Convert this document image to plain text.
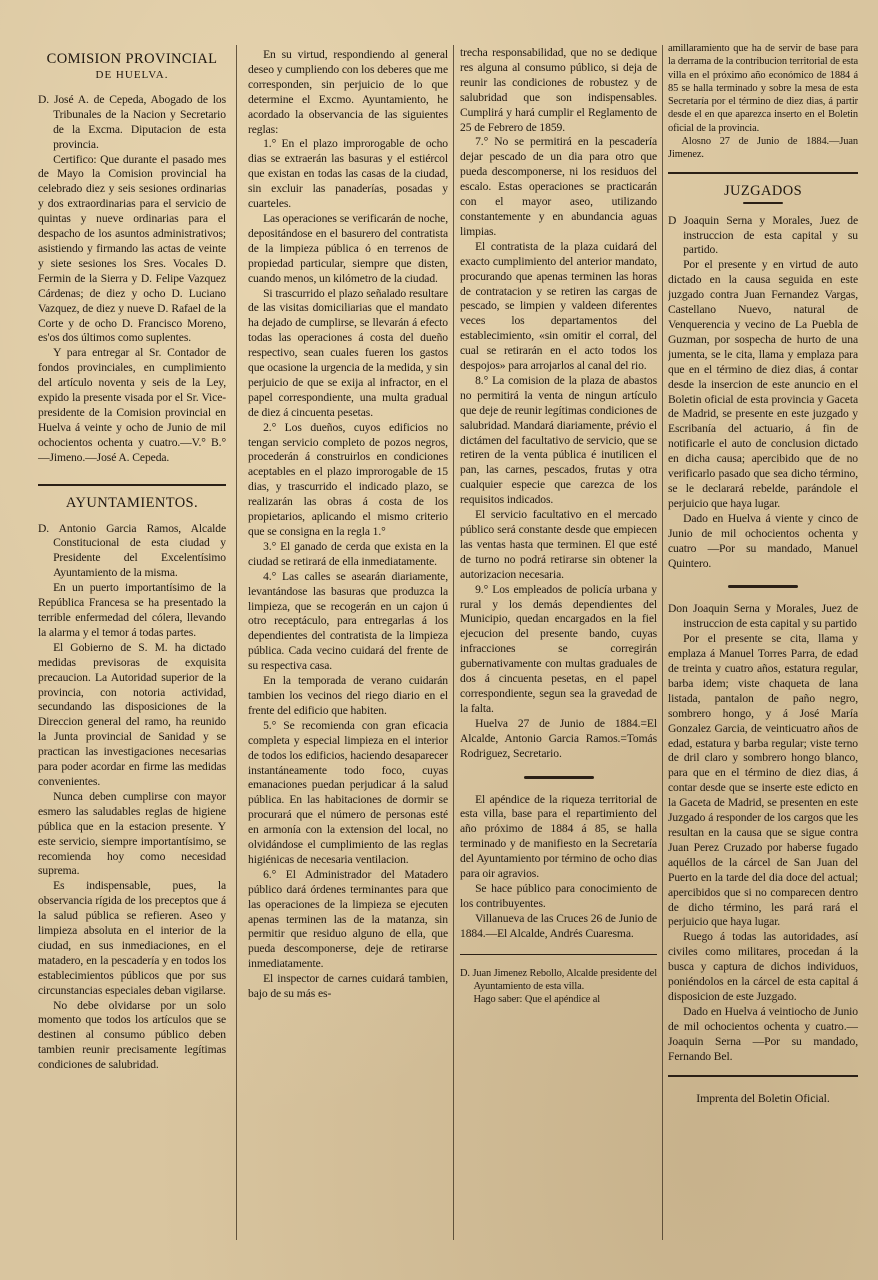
COMISION PROVINCIAL
DE HUELVA.

D. José A. de Cepeda, Abogado de los Tribunales de la Nacion y Secretario de la Excma. Diputacion de esta provincia.

Certifico: Que durante el pasado mes de Mayo la Comision provincial ha celebrado diez y seis sesiones ordinarias y dos extraordinarias para el servicio de quintas y nueve ordinarias para el despacho de los asuntos administrativos; asistiendo y firmando las actas de veinte y siete sesiones los Sres. Vocales D. Fermin de la Sierra y D. Felipe Vazquez Cárdenas; de diez y ocho D. Luciano Vazquez, de diez y nueve D. Rafael de la Corte y de ocho D. Francisco Moreno, es'os dos últimos como suplentes.

Y para entregar al Sr. Contador de fondos provinciales, en cumplimiento del artículo noventa y seis de la Ley, expido la presente visada por el Sr. Vice-presidente de la Comision provincial en Huelva á veinte y ocho de Junio de mil ochocientos ochenta y cuatro.—V.° B.°—Jimeno.—José A. Cepeda.

AYUNTAMIENTOS.

D. Antonio Garcia Ramos, Alcalde Constitucional de esta ciudad y Presidente del Excelentísimo Ayuntamiento de la misma.

En un puerto importantísimo de la República Francesa se ha presentado la terrible enfermedad del cólera, llevando la alarma y el temor á todas partes.

El Gobierno de S. M. ha dictado medidas previsoras de exquisita precaucion. La Autoridad superior de la provincia, con notoria actividad, secundando las disposiciones de la Direccion general del ramo, ha reunido la Junta provincial de Sanidad y se practican las investigaciones necesarias para poder acordar en firme las medidas convenientes.

Nunca deben cumplirse con mayor esmero las saludables reglas de higiene pública que en la estacion presente. Y este servicio, siempre importantísimo, se recomienda hoy como necesidad suprema.

Es indispensable, pues, la observancia rígida de los preceptos que á la salud pública se refieren. Aseo y limpieza absoluta en el interior de la ciudad, en sus inmediaciones, en el matadero, en la pescadería y en todos los establecimientos públicos que por sus circunstancias especiales deban vigilarse.

No debe olvidarse por un solo momento que todos los artículos que se destinen al consumo público deben tambien reunir precisamente legítimas condiciones de salubridad.

En su virtud, respondiendo al general deseo y cumpliendo con los deberes que me corresponden, sin perjuicio de lo que determine el Excmo. Ayuntamiento, he acordado la observancia de las siguientes reglas:

1.° En el plazo improrogable de ocho dias se extraerán las basuras y el estiércol que existan en todas las casas de la ciudad, sin excluir las panaderías, posadas y cuarteles.

Las operaciones se verificarán de noche, depositándose en el basurero del contratista de la limpieza pública ó en terrenos de propiedad particular, siempre que disten, cuando menos, un kilómetro de la ciudad.

Si trascurrido el plazo señalado resultare de las visitas domiciliarias que el mandato ha dejado de cumplirse, se llevarán á efecto todas las operaciones á costa del dueño respectivo, sean cuales fueren los gastos que ocasione la urgencia de la medida, y sin perjuicio de que se exija al infractor, en el papel correspondiente, una multa gradual de diez á cincuenta pesetas.

2.° Los dueños, cuyos edificios no tengan servicio completo de pozos negros, procederán á construirlos en condiciones aceptables en el plazo improrogable de 15 dias, y trascurrido el indicado plazo, se realizarán las obras á costa de los propietarios, aplicando el mismo criterio que se consigna en la regla 1.°

3.° El ganado de cerda que exista en la ciudad se retirará de ella inmediatamente.

4.° Las calles se asearán diariamente, levantándose las basuras que produzca la limpieza, que se recogerán en un cajon ú otro receptáculo, para entregarlas á los dependientes del contratista de la limpieza pública. Cada vecino cuidará del frente de su respectiva casa.

En la temporada de verano cuidarán tambien los vecinos del riego diario en el frente del edificio que habiten.

5.° Se recomienda con gran eficacia completa y especial limpieza en el interior de todos los edificios, haciendo desaparecer instantáneamente todo foco, cuyas emanaciones puedan perjudicar á la salud pública. En las habitaciones de dormir se procurará que el número de personas esté en armonía con la extension del local, no olvidándose el cumplimiento de las reglas higiénicas de necesaria ventilacion.

6.° El Administrador del Matadero público dará órdenes terminantes para que las operaciones de la limpieza se ejecuten apenas terminen las de la matanza, sin permitir que residuo alguno de ella, que pueda descomponerse, deje de retirarse inmediatamente.

El inspector de carnes cuidará tambien, bajo de su más es-

trecha responsabilidad, que no se dedique res alguna al consumo público, si deja de reunir las condiciones de robustez y de salubridad que son indispensables. Cumplirá y hará cumplir el Reglamento de 25 de Febrero de 1859.

7.° No se permitirá en la pescadería dejar pescado de un dia para otro que pueda descomponerse, ni los residuos del escalo. Estas operaciones se practicarán con el mayor aseo, utilizando constantemente y en abundancia aguas limpias.

El contratista de la plaza cuidará del exacto cumplimiento del anterior mandato, procurando que apenas terminen las horas de contratacion y se retiren las cargas de pescado, se limpien y valdeen diferentes veces los departamentos del establecimiento, «sin omitir el corral, del cual se retirarán en el acto todos los despojos» para arrojarlos al canal del rio.

8.° La comision de la plaza de abastos no permitirá la venta de ningun artículo que deje de reunir legítimas condiciones de salubridad. Mandará diariamente, prévio el dictámen del facultativo de servicio, que se retiren de la venta pública é inutilicen el pan, las carnes, pescados, frutas y otra cualquier especie que carezca de los requisitos indicados.

El servicio facultativo en el mercado público será constante desde que empiecen las ventas hasta que terminen. El que esté de turno no podrá retirarse sin obtener la autorizacion necesaria.

9.° Los empleados de policía urbana y rural y los demás dependientes del Municipio, quedan encargados en la fiel ejecucion del presente bando, cuyas infracciones se corregirán gubernativamente con multas graduales de dos á cincuenta pesetas, en el papel correspondiente, segun sea la gravedad de la falta.

Huelva 27 de Junio de 1884.=El Alcalde, Antonio Garcia Ramos.=Tomás Rodriguez, Secretario.

El apéndice de la riqueza territorial de esta villa, base para el repartimiento del año próximo de 1884 á 85, se halla terminado y de manifiesto en la Secretaría del Ayuntamiento por término de ocho dias para oir agravios.

Se hace público para conocimiento de los contribuyentes.

Villanueva de las Cruces 26 de Junio de 1884.—El Alcalde, Andrés Cuaresma.

D. Juan Jimenez Rebollo, Alcalde presidente del Ayuntamiento de esta villa.

Hago saber: Que el apéndice al

amillaramiento que ha de servir de base para la derrama de la contribucion territorial de esta villa en el próximo año económico de 1884 á 85 se halla terminado y sobre la mesa de esta Secretaría por el término de diez dias, á partir desde el en que aparezca inserto en el Boletin oficial de la provincia.

Alosno 27 de Junio de 1884.—Juan Jimenez.

JUZGADOS

D Joaquin Serna y Morales, Juez de instruccion de esta capital y su partido.

Por el presente y en virtud de auto dictado en la causa seguida en este juzgado contra Juan Fernandez Vargas, Castellano Nuevo, natural de Venquerencia y vecino de La Puebla de Guzman, por sospecha de hurto de una jumenta, se le cita, llama y emplaza para que en el término de diez dias, á contar desde la insercion de este anuncio en el Boletin oficial de esta provincia y Gaceta de Madrid, se presente en este juzgado y Escribanía del actuario, á fin de notificarle el auto de conclusion dictado en dicha causa; apercibido que de no verificarlo pasado que sea dicho término, se le declarará rebelde, parándole el perjuicio que haya lugar.

Dado en Huelva á viente y cinco de Junio de mil ochocientos ochenta y cuatro —Por su mandado, Manuel Quintero.

Don Joaquin Serna y Morales, Juez de instruccion de esta capital y su partido

Por el presente se cita, llama y emplaza á Manuel Torres Parra, de edad de treinta y cuatro años, estatura regular, barba idem; viste chaqueta de lana listada, pantalon de paño negro, sombrero hongo, y á José María Gonzalez Garcia, de veinticuatro años de edad, estatura y barba regular; viste terno de dril claro y sombrero hongo blanco, para que en el término de diez dias, á contar desde que se inserte este edicto en la Gaceta de Madrid, se presenten en este Juzgado á responder de los cargos que les resultan en la causa que se sigue contra Juan Perez Cruzado por haberse fugado aquéllos de la cárcel de San Juan del Puerto en la tarde del dia doce del actual; apercibidos que si no comparecen dentro de dicho término, les pará rará el perjuicio que haya lugar.

Ruego á todas las autoridades, así civiles como militares, procedan á la busca y captura de dichos individuos, poniéndolos en la cárcel de esta capital á disposicion de este Juzgado.

Dado en Huelva á veintiocho de Junio de mil ochocientos ochenta y cuatro.—Joaquin Serna —Por su mandado, Fernando Bel.

Imprenta del Boletin Oficial.
